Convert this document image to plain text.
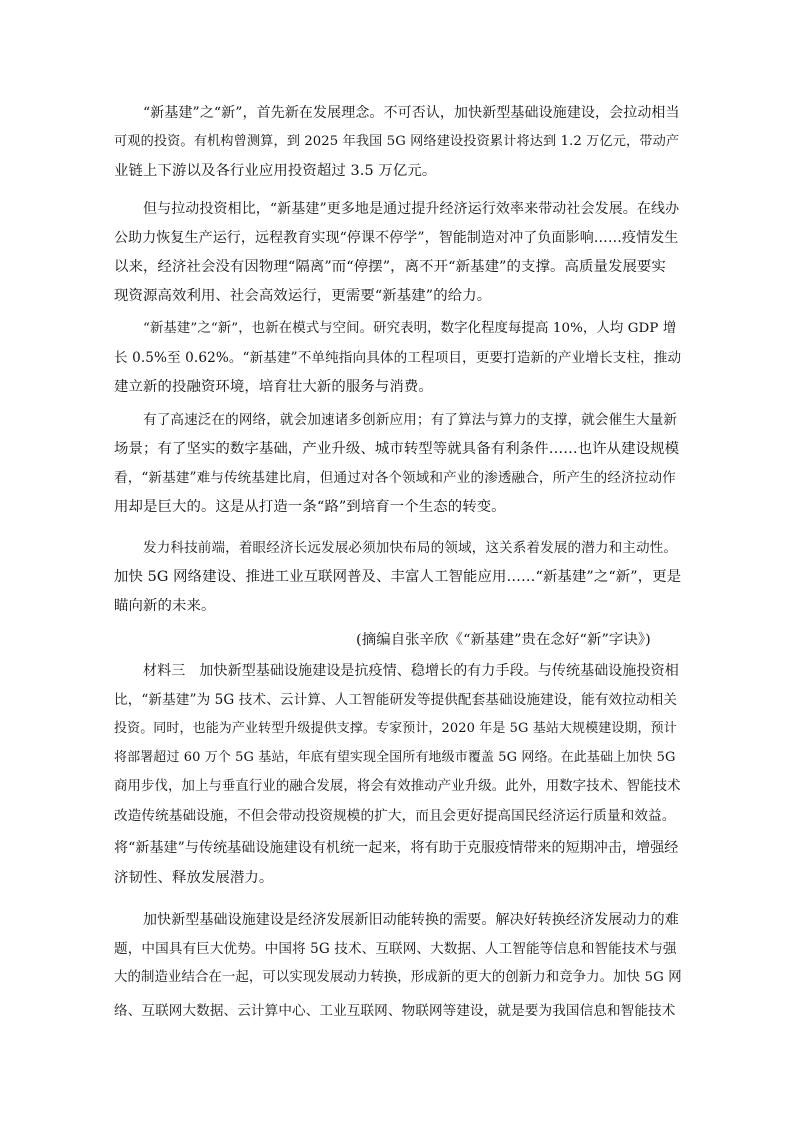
“新基建”之“新”，首先新在发展理念。不可否认，加快新型基础设施建设，会拉动相当
可观的投资。有机构曾测算，到 2025 年我国 5G 网络建设投资累计将达到 1.2 万亿元，带动产
业链上下游以及各行业应用投资超过 3.5 万亿元。
但与拉动投资相比，“新基建”更多地是通过提升经济运行效率来带动社会发展。在线办
公助力恢复生产运行，远程教育实现“停课不停学”，智能制造对冲了负面影响……疫情发生
以来，经济社会没有因物理“隔离”而“停摆”，离不开“新基建”的支撑。高质量发展要实
现资源高效利用、社会高效运行，更需要“新基建”的给力。
“新基建”之“新”，也新在模式与空间。研究表明，数字化程度每提高 10%，人均 GDP 增
长 0.5%至 0.62%。“新基建”不单纯指向具体的工程项目，更要打造新的产业增长支柱，推动
建立新的投融资环境，培育壮大新的服务与消费。
有了高速泛在的网络，就会加速诸多创新应用；有了算法与算力的支撑，就会催生大量新
场景；有了坚实的数字基础，产业升级、城市转型等就具备有利条件……也许从建设规模
看，“新基建”难与传统基建比肩，但通过对各个领域和产业的渗透融合，所产生的经济拉动作
用却是巨大的。这是从打造一条“路”到培育一个生态的转变。
发力科技前端，着眼经济长远发展必须加快布局的领域，这关系着发展的潜力和主动性。
加快 5G 网络建设、推进工业互联网普及、丰富人工智能应用……“新基建”之“新”，更是
瞄向新的未来。
(摘编自张辛欣《“新基建”贵在念好“新”字诀》)
材料三　加快新型基础设施建设是抗疫情、稳增长的有力手段。与传统基础设施投资相
比，“新基建”为 5G 技术、云计算、人工智能研发等提供配套基础设施建设，能有效拉动相关
投资。同时，也能为产业转型升级提供支撑。专家预计，2020 年是 5G 基站大规模建设期，预计
将部署超过 60 万个 5G 基站，年底有望实现全国所有地级市覆盖 5G 网络。在此基础上加快 5G
商用步伐，加上与垂直行业的融合发展，将会有效推动产业升级。此外，用数字技术、智能技术
改造传统基础设施，不但会带动投资规模的扩大，而且会更好提高国民经济运行质量和效益。
将“新基建”与传统基础设施建设有机统一起来，将有助于克服疫情带来的短期冲击，增强经
济韧性、释放发展潜力。
加快新型基础设施建设是经济发展新旧动能转换的需要。解决好转换经济发展动力的难
题，中国具有巨大优势。中国将 5G 技术、互联网、大数据、人工智能等信息和智能技术与强
大的制造业结合在一起，可以实现发展动力转换，形成新的更大的创新力和竞争力。加快 5G 网
络、互联网大数据、云计算中心、工业互联网、物联网等建设，就是要为我国信息和智能技术
